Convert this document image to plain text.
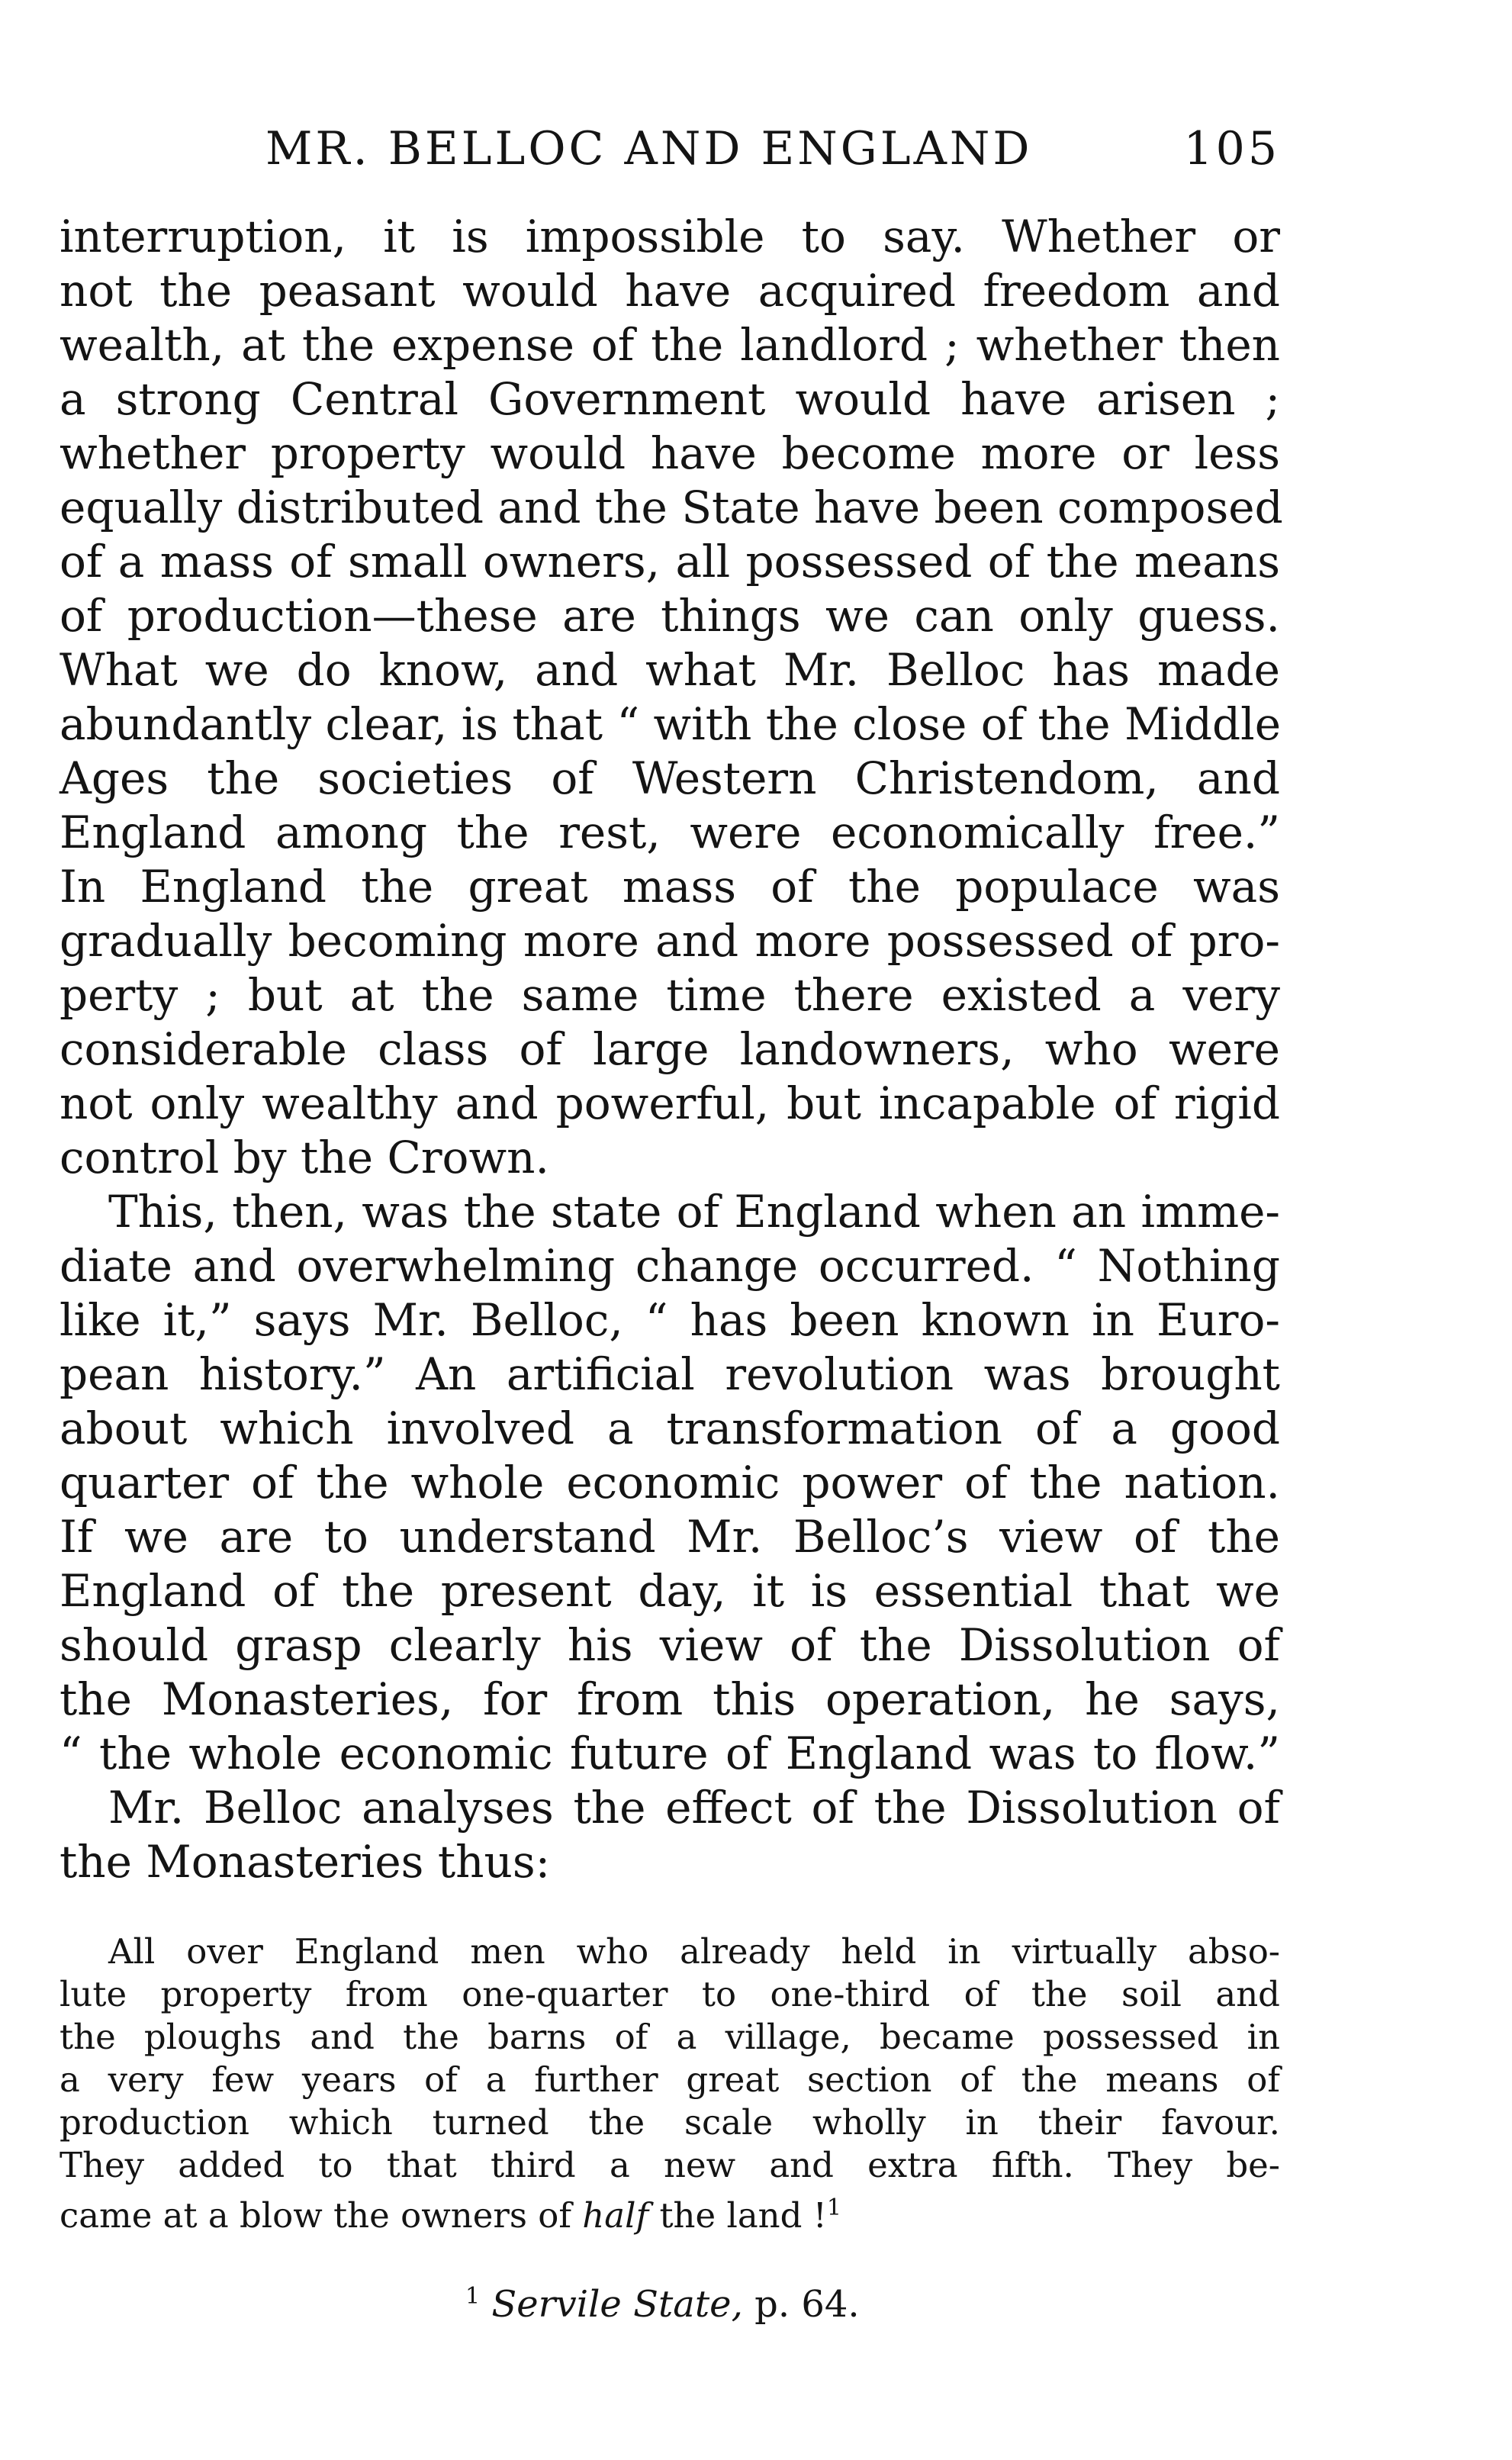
MR. BELLOC AND ENGLAND	105
interruption, it is impossible to say. Whether or
not the peasant would have acquired freedom and
wealth, at the expense of the landlord ; whether then
a strong Central Government would have arisen ;
whether property would have become more or less
equally distributed and the State have been composed
of a mass of small owners, all possessed of the means
of production—these are things we can only guess.
What we do know, and what Mr. Belloc has made
abundantly clear, is that “ with the close of the Middle
Ages the societies of Western Christendom, and
England among the rest, were economically free.”
In England the great mass of the populace was
gradually becoming more and more possessed of pro-
perty ; but at the same time there existed a very
considerable class of large landowners, who were
not only wealthy and powerful, but incapable of rigid
control by the Crown.
This, then, was the state of England when an imme-
diate and overwhelming change occurred. “ Nothing
like it,” says Mr. Belloc, “ has been known in Euro-
pean history.” An artificial revolution was brought
about which involved a transformation of a good
quarter of the whole economic power of the nation.
If we are to understand Mr. Belloc’s view of the
England of the present day, it is essential that we
should grasp clearly his view of the Dissolution of
the Monasteries, for from this operation, he says,
“ the whole economic future of England was to flow.”
Mr. Belloc analyses the effect of the Dissolution of
the Monasteries thus:
All over England men who already held in virtually abso-
lute property from one-quarter to one-third of the soil and
the ploughs and the barns of a village, became possessed in
a very few years of a further great section of the means of
production which turned the scale wholly in their favour.
They added to that third a new and extra fifth. They be-
came at a blow the owners of half the land !$^1$
$^1$ Servile State, p. 64.
